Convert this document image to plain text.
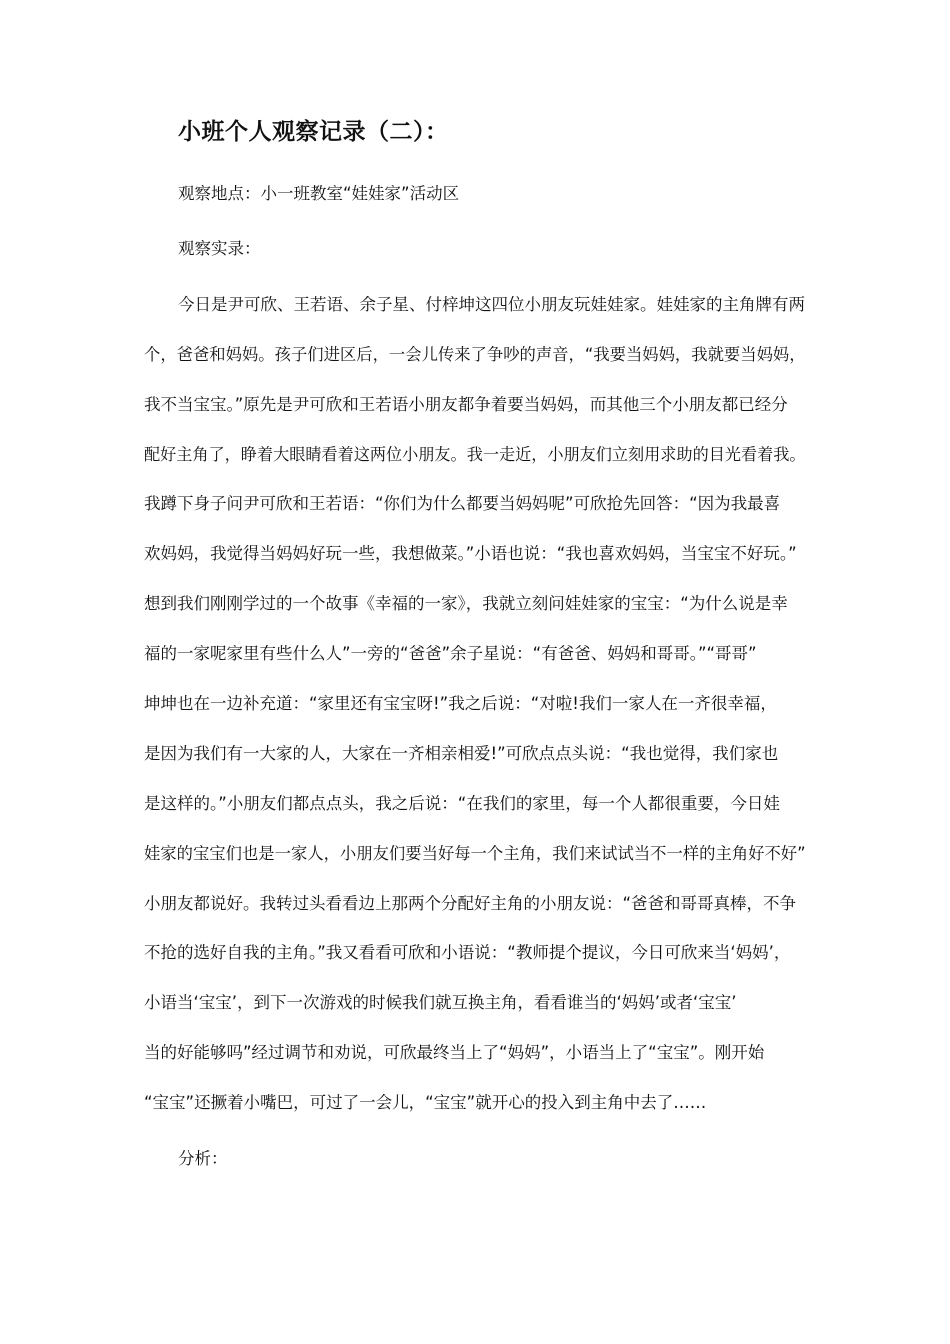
小班个人观察记录（二）：

观察地点：小一班教室“娃娃家”活动区

观察实录：

今日是尹可欣、王若语、余子星、付梓坤这四位小朋友玩娃娃家。娃娃家的主角牌有两

个，爸爸和妈妈。孩子们进区后，一会儿传来了争吵的声音，“我要当妈妈，我就要当妈妈，

我不当宝宝。”原先是尹可欣和王若语小朋友都争着要当妈妈，而其他三个小朋友都已经分

配好主角了，睁着大眼睛看着这两位小朋友。我一走近，小朋友们立刻用求助的目光看着我。

我蹲下身子问尹可欣和王若语：“你们为什么都要当妈妈呢”可欣抢先回答：“因为我最喜

欢妈妈，我觉得当妈妈好玩一些，我想做菜。”小语也说：“我也喜欢妈妈，当宝宝不好玩。”

想到我们刚刚学过的一个故事《幸福的一家》，我就立刻问娃娃家的宝宝：“为什么说是幸

福的一家呢家里有些什么人”一旁的“爸爸”余子星说：“有爸爸、妈妈和哥哥。”“哥哥”

坤坤也在一边补充道：“家里还有宝宝呀!”我之后说：“对啦!我们一家人在一齐很幸福，

是因为我们有一大家的人，大家在一齐相亲相爱!”可欣点点头说：“我也觉得，我们家也

是这样的。”小朋友们都点点头，我之后说：“在我们的家里，每一个人都很重要，今日娃

娃家的宝宝们也是一家人，小朋友们要当好每一个主角，我们来试试当不一样的主角好不好”

小朋友都说好。我转过头看看边上那两个分配好主角的小朋友说：“爸爸和哥哥真棒，不争

不抢的选好自我的主角。”我又看看可欣和小语说：“教师提个提议，今日可欣来当‘妈妈’，

小语当‘宝宝’，到下一次游戏的时候我们就互换主角，看看谁当的‘妈妈’或者‘宝宝’

当的好能够吗”经过调节和劝说，可欣最终当上了“妈妈”，小语当上了“宝宝”。刚开始

“宝宝”还撅着小嘴巴，可过了一会儿，“宝宝”就开心的投入到主角中去了……

分析：
